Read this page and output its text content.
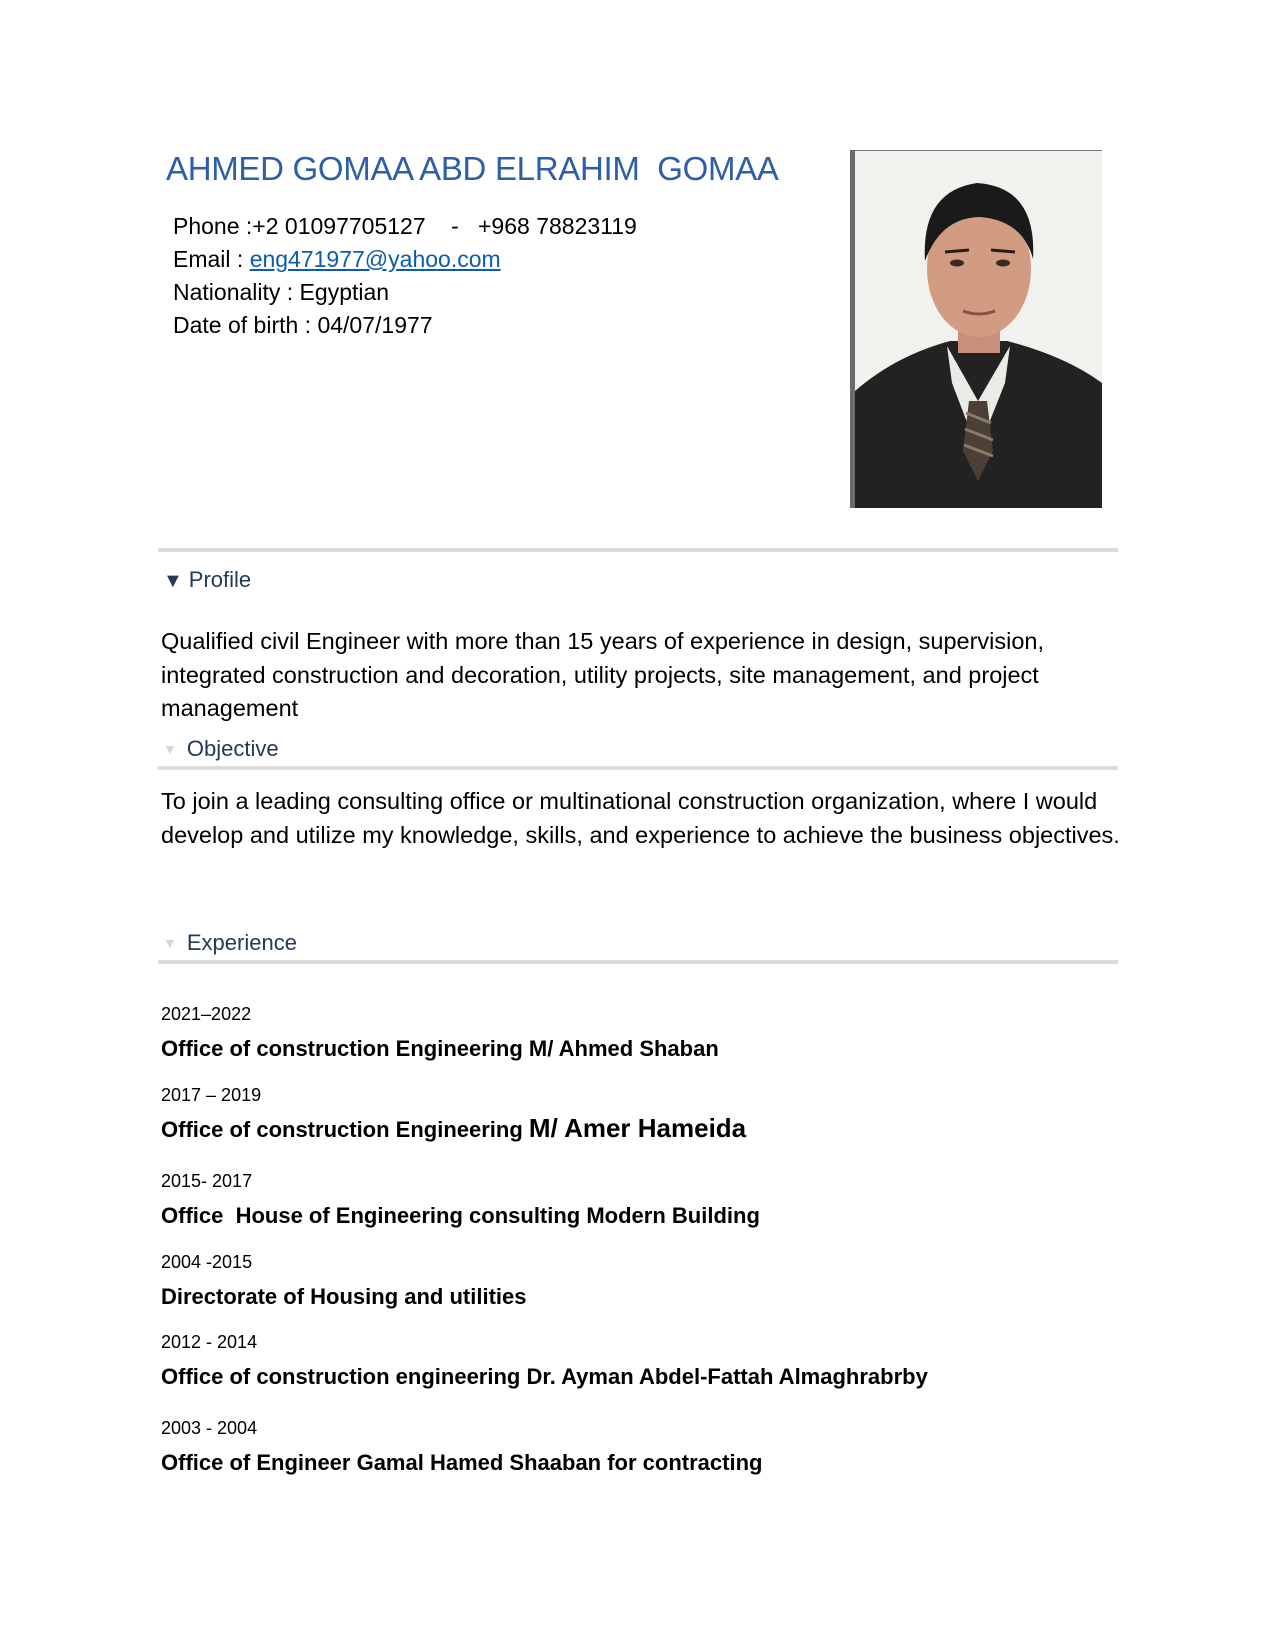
AHMED GOMAA ABD ELRAHIM  GOMAA
Phone :+2 01097705127    -   +968 78823119
Email : eng471977@yahoo.com
Nationality : Egyptian
Date of birth : 04/07/1977
▼ Profile

Qualified civil Engineer with more than 15 years of experience in design, supervision, integrated construction and decoration, utility projects, site management, and project management

▼ Objective

To join a leading consulting office or multinational construction organization, where I would develop and utilize my knowledge, skills, and experience to achieve the business objectives.

▼ Experience
2021–2022
Office of construction Engineering M/ Ahmed Shaban
2017 – 2019
Office of construction Engineering M/ Amer Hameida
2015- 2017
Office  House of Engineering consulting Modern Building
2004 -2015
Directorate of Housing and utilities
2012 - 2014
Office of construction engineering Dr. Ayman Abdel-Fattah Almaghrabrby
2003 - 2004
Office of Engineer Gamal Hamed Shaaban for contracting
